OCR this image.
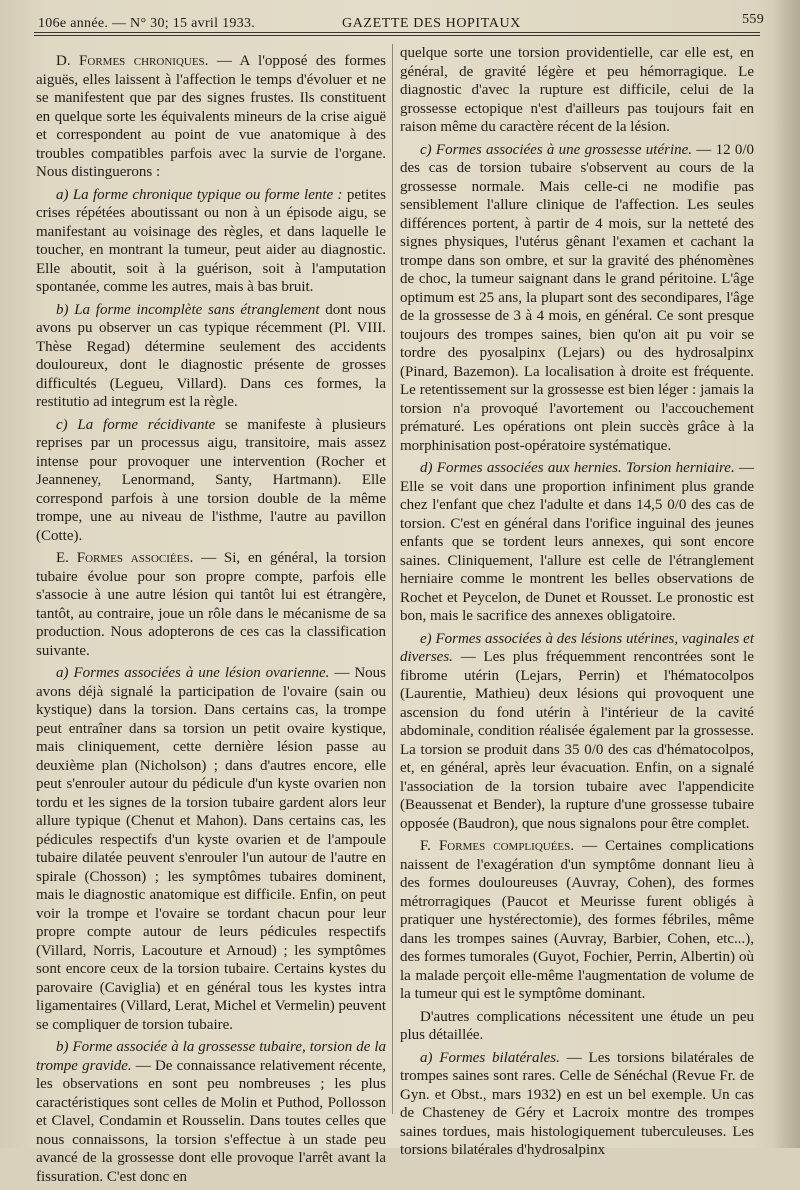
106e année. — N° 30; 15 avril 1933.	GAZETTE DES HOPITAUX	559

D. Formes chroniques. — A l'opposé des formes aiguës, elles laissent à l'affection le temps d'évoluer et ne se manifestent que par des signes frustes. Ils constituent en quelque sorte les équivalents mineurs de la crise aiguë et correspondent au point de vue anatomique à des troubles compatibles parfois avec la survie de l'organe. Nous distinguerons :

a) La forme chronique typique ou forme lente : petites crises répétées aboutissant ou non à un épisode aigu, se manifestant au voisinage des règles, et dans laquelle le toucher, en montrant la tumeur, peut aider au diagnostic. Elle aboutit, soit à la guérison, soit à l'amputation spontanée, comme les autres, mais à bas bruit.

b) La forme incomplète sans étranglement dont nous avons pu observer un cas typique récemment (Pl. VIII. Thèse Regad) détermine seulement des accidents douloureux, dont le diagnostic présente de grosses difficultés (Legueu, Villard). Dans ces formes, la restitutio ad integrum est la règle.

c) La forme récidivante se manifeste à plusieurs reprises par un processus aigu, transitoire, mais assez intense pour provoquer une intervention (Rocher et Jeanneney, Lenormand, Santy, Hartmann). Elle correspond parfois à une torsion double de la même trompe, une au niveau de l'isthme, l'autre au pavillon (Cotte).

E. Formes associées. — Si, en général, la torsion tubaire évolue pour son propre compte, parfois elle s'associe à une autre lésion qui tantôt lui est étrangère, tantôt, au contraire, joue un rôle dans le mécanisme de sa production. Nous adopterons de ces cas la classification suivante.

a) Formes associées à une lésion ovarienne. — Nous avons déjà signalé la participation de l'ovaire (sain ou kystique) dans la torsion. Dans certains cas, la trompe peut entraîner dans sa torsion un petit ovaire kystique, mais cliniquement, cette dernière lésion passe au deuxième plan (Nicholson) ; dans d'autres encore, elle peut s'enrouler autour du pédicule d'un kyste ovarien non tordu et les signes de la torsion tubaire gardent alors leur allure typique (Chenut et Mahon). Dans certains cas, les pédicules respectifs d'un kyste ovarien et de l'ampoule tubaire dilatée peuvent s'enrouler l'un autour de l'autre en spirale (Chosson) ; les symptômes tubaires dominent, mais le diagnostic anatomique est difficile. Enfin, on peut voir la trompe et l'ovaire se tordant chacun pour leur propre compte autour de leurs pédicules respectifs (Villard, Norris, Lacouture et Arnoud) ; les symptômes sont encore ceux de la torsion tubaire. Certains kystes du parovaire (Caviglia) et en général tous les kystes intra ligamentaires (Villard, Lerat, Michel et Vermelin) peuvent se compliquer de torsion tubaire.

b) Forme associée à la grossesse tubaire, torsion de la trompe gravide. — De connaissance relativement récente, les observations en sont peu nombreuses ; les plus caractéristiques sont celles de Molin et Puthod, Pollosson et Clavel, Condamin et Rousselin. Dans toutes celles que nous connaissons, la torsion s'effectue à un stade peu avancé de la grossesse dont elle provoque l'arrêt avant la fissuration. C'est donc en

quelque sorte une torsion providentielle, car elle est, en général, de gravité légère et peu hémorragique. Le diagnostic d'avec la rupture est difficile, celui de la grossesse ectopique n'est d'ailleurs pas toujours fait en raison même du caractère récent de la lésion.

c) Formes associées à une grossesse utérine. — 12 0/0 des cas de torsion tubaire s'observent au cours de la grossesse normale. Mais celle-ci ne modifie pas sensiblement l'allure clinique de l'affection. Les seules différences portent, à partir de 4 mois, sur la netteté des signes physiques, l'utérus gênant l'examen et cachant la trompe dans son ombre, et sur la gravité des phénomènes de choc, la tumeur saignant dans le grand péritoine. L'âge optimum est 25 ans, la plupart sont des secondipares, l'âge de la grossesse de 3 à 4 mois, en général. Ce sont presque toujours des trompes saines, bien qu'on ait pu voir se tordre des pyosalpinx (Lejars) ou des hydrosalpinx (Pinard, Bazemon). La localisation à droite est fréquente. Le retentissement sur la grossesse est bien léger : jamais la torsion n'a provoqué l'avortement ou l'accouchement prématuré. Les opérations ont plein succès grâce à la morphinisation post-opératoire systématique.

d) Formes associées aux hernies. Torsion herniaire. — Elle se voit dans une proportion infiniment plus grande chez l'enfant que chez l'adulte et dans 14,5 0/0 des cas de torsion. C'est en général dans l'orifice inguinal des jeunes enfants que se tordent leurs annexes, qui sont encore saines. Cliniquement, l'allure est celle de l'étranglement herniaire comme le montrent les belles observations de Rochet et Peycelon, de Dunet et Rousset. Le pronostic est bon, mais le sacrifice des annexes obligatoire.

e) Formes associées à des lésions utérines, vaginales et diverses. — Les plus fréquemment rencontrées sont le fibrome utérin (Lejars, Perrin) et l'hématocolpos (Laurentie, Mathieu) deux lésions qui provoquent une ascension du fond utérin à l'intérieur de la cavité abdominale, condition réalisée également par la grossesse. La torsion se produit dans 35 0/0 des cas d'hématocolpos, et, en général, après leur évacuation. Enfin, on a signalé l'association de la torsion tubaire avec l'appendicite (Beaussenat et Bender), la rupture d'une grossesse tubaire opposée (Baudron), que nous signalons pour être complet.

F. Formes compliquées. — Certaines complications naissent de l'exagération d'un symptôme donnant lieu à des formes douloureuses (Auvray, Cohen), des formes métrorragiques (Paucot et Meurisse furent obligés à pratiquer une hystérectomie), des formes fébriles, même dans les trompes saines (Auvray, Barbier, Cohen, etc...), des formes tumorales (Guyot, Fochier, Perrin, Albertin) où la malade perçoit elle-même l'augmentation de volume de la tumeur qui est le symptôme dominant.

D'autres complications nécessitent une étude un peu plus détaillée.

a) Formes bilatérales. — Les torsions bilatérales de trompes saines sont rares. Celle de Sénéchal (Revue Fr. de Gyn. et Obst., mars 1932) en est un bel exemple. Un cas de Chasteney de Géry et Lacroix montre des trompes saines tordues, mais histologiquement tuberculeuses. Les torsions bilatérales d'hydrosalpinx
